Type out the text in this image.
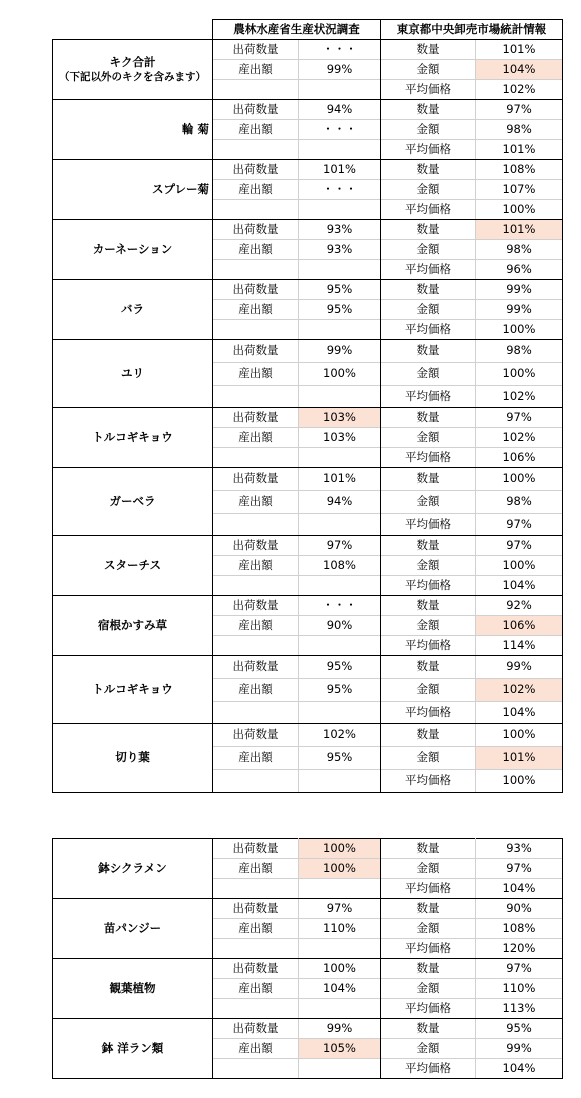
	農林水産省生産状況調査		東京都中央卸売市場統計情報	
キク合計
（下記以外のキクを含みます）	出荷数量	・・・	数量	101%
	産出額	99%	金額	104%
			平均価格	102%
輪 菊	出荷数量	94%	数量	97%
	産出額	・・・	金額	98%
			平均価格	101%
スプレー菊	出荷数量	101%	数量	108%
	産出額	・・・	金額	107%
			平均価格	100%
カーネーション	出荷数量	93%	数量	101%
	産出額	93%	金額	98%
			平均価格	96%
バラ	出荷数量	95%	数量	99%
	産出額	95%	金額	99%
			平均価格	100%
ユリ	出荷数量	99%	数量	98%
	産出額	100%	金額	100%
			平均価格	102%
トルコギキョウ	出荷数量	103%	数量	97%
	産出額	103%	金額	102%
			平均価格	106%
ガーベラ	出荷数量	101%	数量	100%
	産出額	94%	金額	98%
			平均価格	97%
スターチス	出荷数量	97%	数量	97%
	産出額	108%	金額	100%
			平均価格	104%
宿根かすみ草	出荷数量	・・・	数量	92%
	産出額	90%	金額	106%
			平均価格	114%
トルコギキョウ	出荷数量	95%	数量	99%
	産出額	95%	金額	102%
			平均価格	104%
切り葉	出荷数量	102%	数量	100%
	産出額	95%	金額	101%
			平均価格	100%
鉢シクラメン	出荷数量	100%	数量	93%
	産出額	100%	金額	97%
			平均価格	104%
苗パンジー	出荷数量	97%	数量	90%
	産出額	110%	金額	108%
			平均価格	120%
観葉植物	出荷数量	100%	数量	97%
	産出額	104%	金額	110%
			平均価格	113%
鉢 洋ラン類	出荷数量	99%	数量	95%
	産出額	105%	金額	99%
			平均価格	104%
